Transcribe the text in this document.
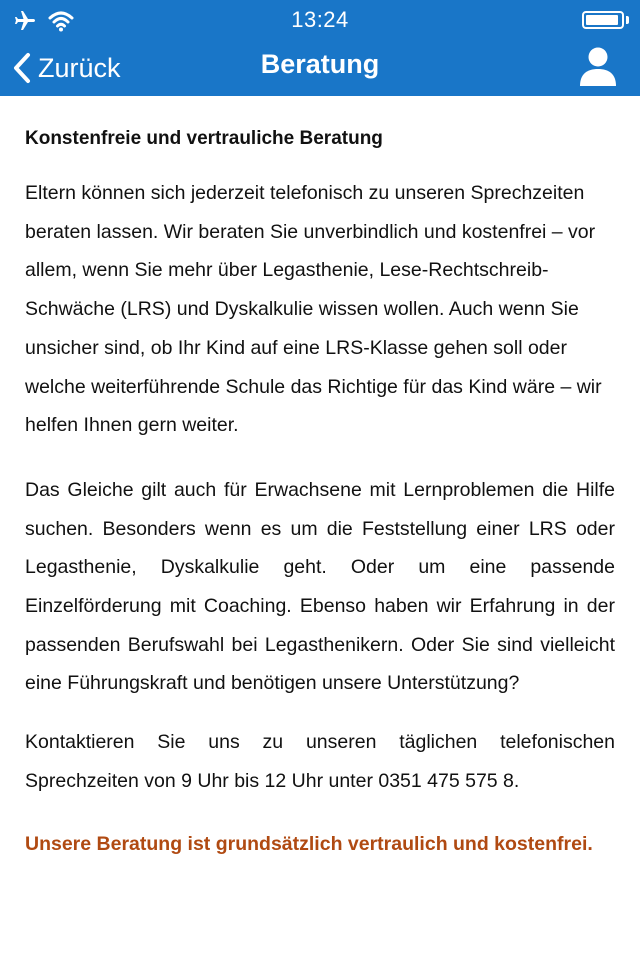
13:24
Zurück	Beratung

Konstenfreie und vertrauliche Beratung

Eltern können sich jederzeit telefonisch zu unseren Sprechzeiten beraten lassen. Wir beraten Sie unverbindlich und kostenfrei – vor allem, wenn Sie mehr über Legasthenie, Lese-Rechtschreib-Schwäche (LRS) und Dyskalkulie wissen wollen. Auch wenn Sie unsicher sind, ob Ihr Kind auf eine LRS-Klasse gehen soll oder welche weiterführende Schule das Richtige für das Kind wäre – wir helfen Ihnen gern weiter.

Das Gleiche gilt auch für Erwachsene mit Lernproblemen die Hilfe suchen. Besonders wenn es um die Feststellung einer LRS oder Legasthenie, Dyskalkulie geht. Oder um eine passende Einzelförderung mit Coaching. Ebenso haben wir Erfahrung in der passenden Berufswahl bei Legasthenikern. Oder Sie sind vielleicht eine Führungskraft und benötigen unsere Unterstützung?

Kontaktieren Sie uns zu unseren täglichen telefonischen Sprechzeiten von 9 Uhr bis 12 Uhr unter 0351 475 575 8.

Unsere Beratung ist grundsätzlich vertraulich und kostenfrei.
